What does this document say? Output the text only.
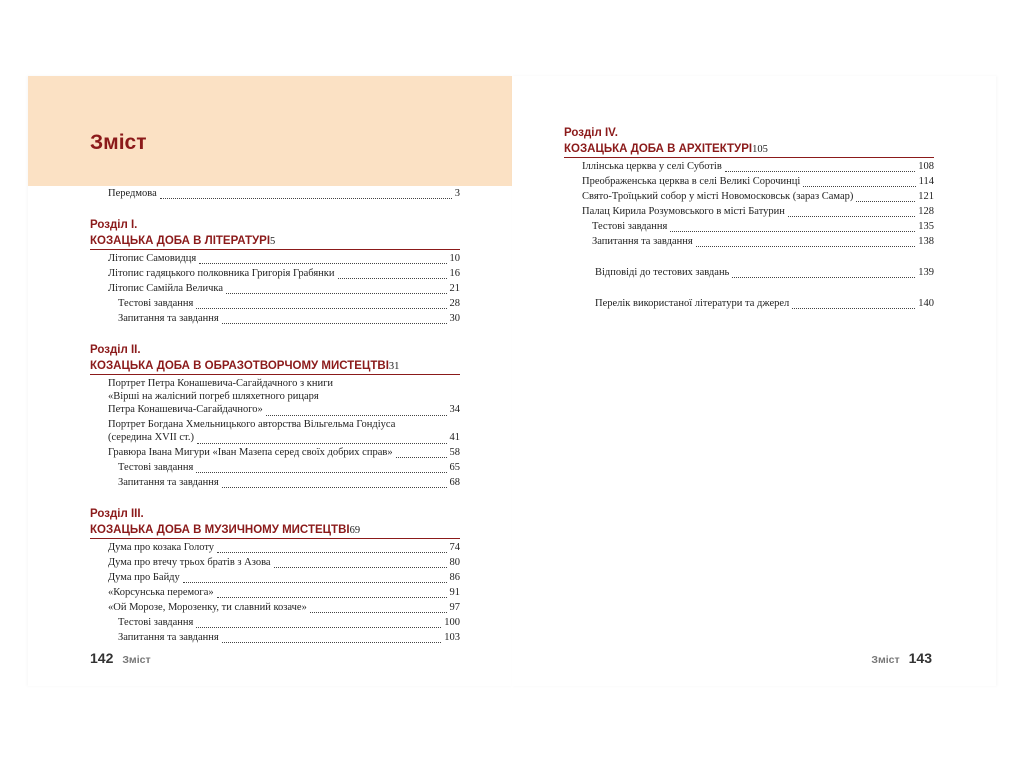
Зміст
Передмова	3
Розділ I.
КОЗАЦЬКА ДОБА В ЛІТЕРАТУРІ 5
Літопис Самовидця	10
Літопис гадяцького полковника Григорія Грабянки	16
Літопис Самійла Величка	21
Тестові завдання	28
Запитання та завдання	30
Розділ II.
КОЗАЦЬКА ДОБА В ОБРАЗОТВОРЧОМУ МИСТЕЦТВІ 31
Портрет Петра Конашевича-Сагайдачного з книги
«Вірші на жалісний погреб шляхетного рицаря
Петра Конашевича-Сагайдачного»	34
Портрет Богдана Хмельницького авторства Вільгельма Гондіуса
(середина XVII ст.)	41
Гравюра Івана Мигури «Іван Мазепа серед своїх добрих справ»	58
Тестові завдання	65
Запитання та завдання	68
Розділ III.
КОЗАЦЬКА ДОБА В МУЗИЧНОМУ МИСТЕЦТВІ 69
Дума про козака Голоту	74
Дума про втечу трьох братів з Азова	80
Дума про Байду	86
«Корсунська перемога»	91
«Ой Морозе, Морозенку, ти славний козаче»	97
Тестові завдання	100
Запитання та завдання	103
142 Зміст
Розділ IV.
КОЗАЦЬКА ДОБА В АРХІТЕКТУРІ 105
Іллінська церква у селі Суботів	108
Преображенська церква в селі Великі Сорочинці	114
Свято-Троїцький собор у місті Новомосковськ (зараз Самар)	121
Палац Кирила Розумовського в місті Батурин	128
Тестові завдання	135
Запитання та завдання	138
Відповіді до тестових завдань	139
Перелік використаної літератури та джерел	140
Зміст 143
